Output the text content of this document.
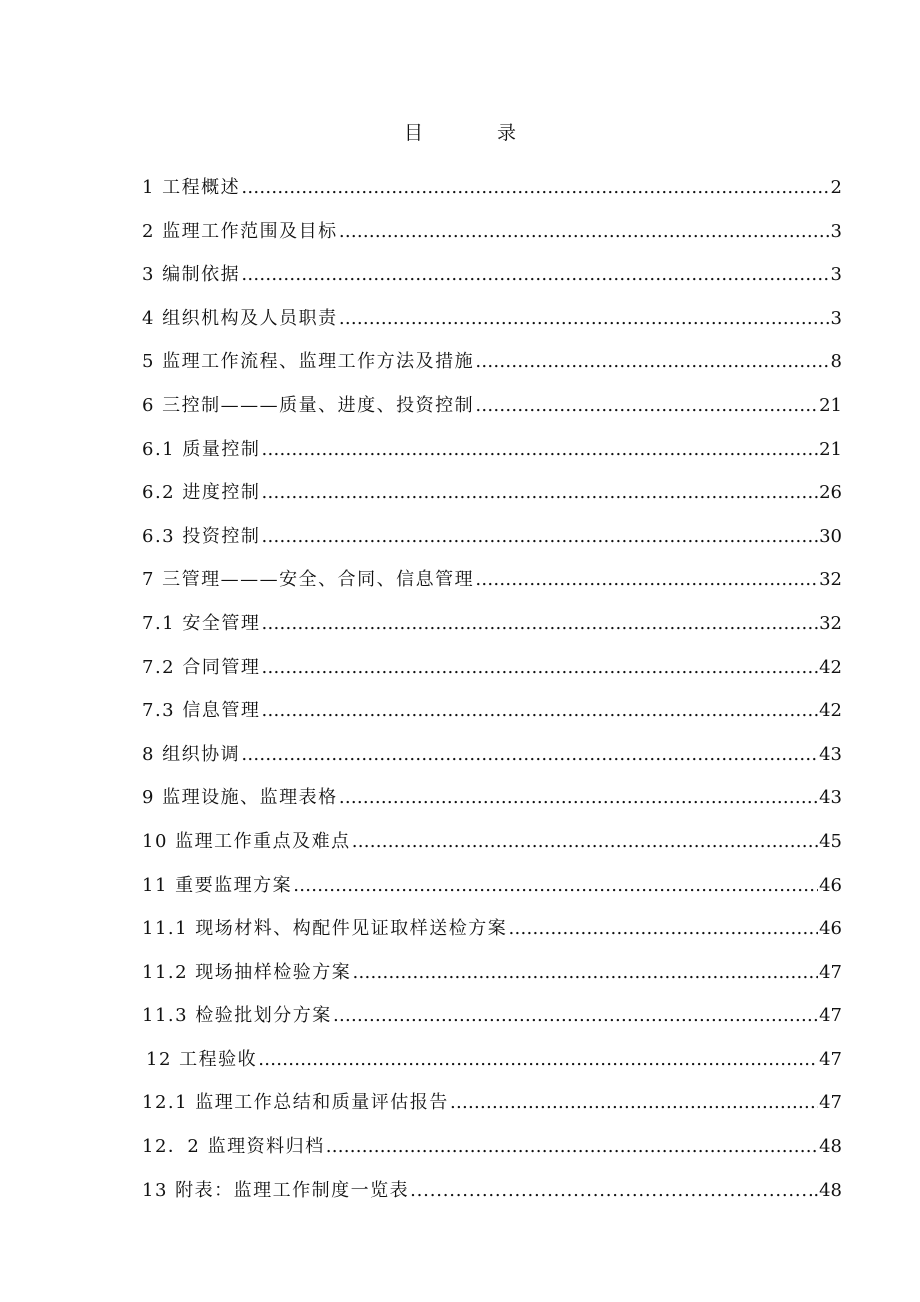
目 录
1 工程概述 ………………………………………………………………………………………………………………………………………………………………………………	2
2 监理工作范围及目标 ………………………………………………………………………………………………………………………………………………………………………………	3
3 编制依据 ………………………………………………………………………………………………………………………………………………………………………………	3
4 组织机构及人员职责 ………………………………………………………………………………………………………………………………………………………………………………	3
5 监理工作流程、监理工作方法及措施 ………………………………………………………………………………………………………………………………………………………………………………	8
6 三控制———质量、进度、投资控制 ………………………………………………………………………………………………………………………………………………………………………………	21
6.1 质量控制 ………………………………………………………………………………………………………………………………………………………………………………	21
6.2 进度控制 ………………………………………………………………………………………………………………………………………………………………………………	26
6.3 投资控制 ………………………………………………………………………………………………………………………………………………………………………………	30
7 三管理———安全、合同、信息管理 ………………………………………………………………………………………………………………………………………………………………………………	32
7.1 安全管理 ………………………………………………………………………………………………………………………………………………………………………………	32
7.2 合同管理 ………………………………………………………………………………………………………………………………………………………………………………	42
7.3 信息管理 ………………………………………………………………………………………………………………………………………………………………………………	42
8 组织协调 ………………………………………………………………………………………………………………………………………………………………………………	43
9 监理设施、监理表格 ………………………………………………………………………………………………………………………………………………………………………………	43
10 监理工作重点及难点 ………………………………………………………………………………………………………………………………………………………………………………	45
11 重要监理方案 ………………………………………………………………………………………………………………………………………………………………………………	46
11.1 现场材料、构配件见证取样送检方案 ………………………………………………………………………………………………………………………………………………………………………………	46
11.2 现场抽样检验方案 ………………………………………………………………………………………………………………………………………………………………………………	47
11.3 检验批划分方案 ………………………………………………………………………………………………………………………………………………………………………………	47
12 工程验收 ………………………………………………………………………………………………………………………………………………………………………………	47
12.1 监理工作总结和质量评估报告 ………………………………………………………………………………………………………………………………………………………………………………	47
12．2 监理资料归档 ………………………………………………………………………………………………………………………………………………………………………………	48
13 附表：监理工作制度一览表 .....	.48
